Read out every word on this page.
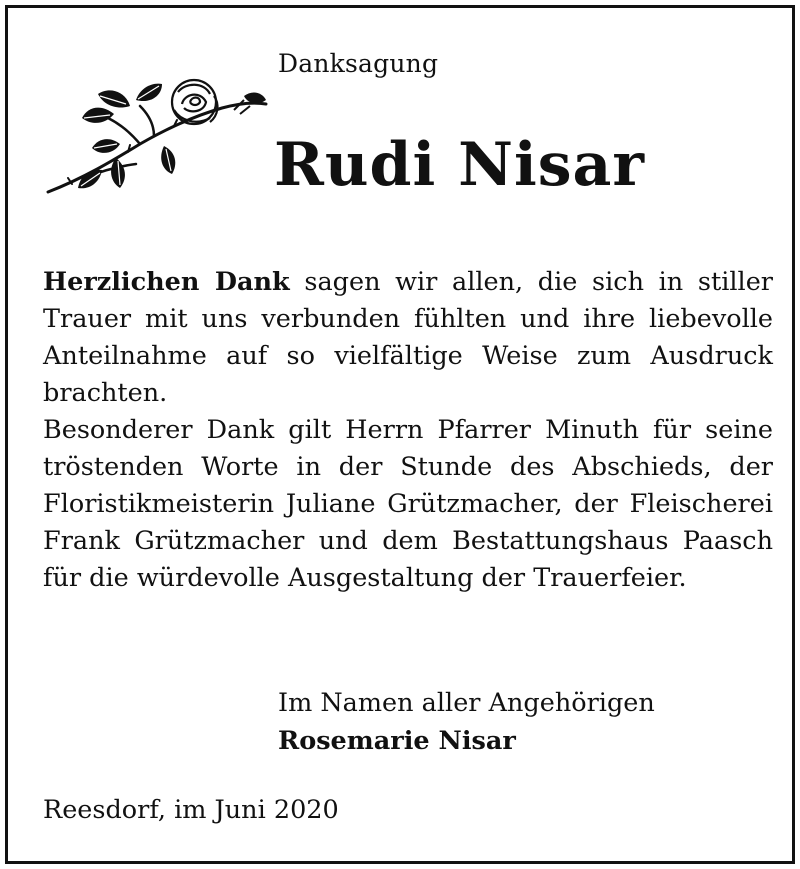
Danksagung
Rudi Nisar

Herzlichen Dank sagen wir allen, die sich in stiller Trauer mit uns verbunden fühlten und ihre liebevolle Anteilnahme auf so vielfältige Weise zum Ausdruck brachten.

Besonderer Dank gilt Herrn Pfarrer Minuth für seine tröstenden Worte in der Stunde des Abschieds, der Floristikmeisterin Juliane Grützmacher, der Fleischerei Frank Grützmacher und dem Bestattungshaus Paasch für die würdevolle Ausgestaltung der Trauerfeier.

Im Namen aller Angehörigen
Rosemarie Nisar
Reesdorf, im Juni 2020
